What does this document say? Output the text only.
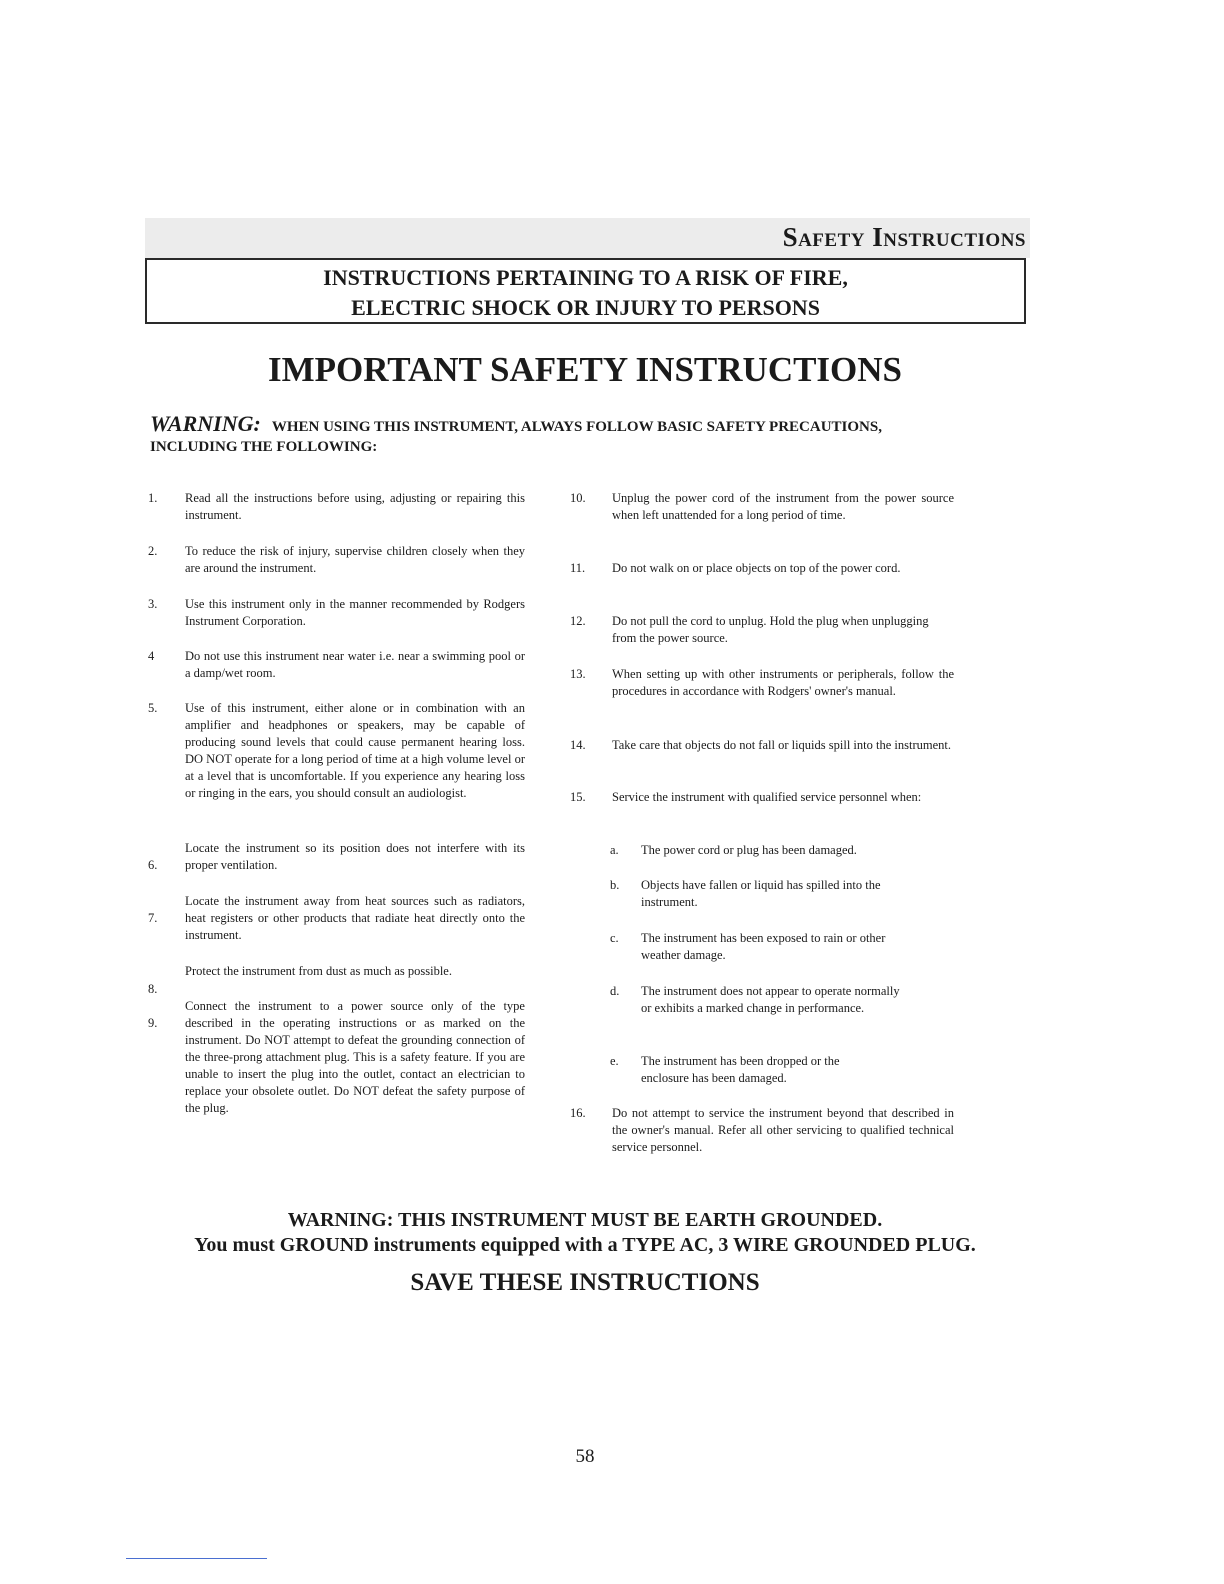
Safety Instructions
INSTRUCTIONS PERTAINING TO A RISK OF FIRE,
ELECTRIC SHOCK OR INJURY TO PERSONS
IMPORTANT SAFETY INSTRUCTIONS
WARNING: WHEN USING THIS INSTRUMENT, ALWAYS FOLLOW BASIC SAFETY PRECAUTIONS,
INCLUDING THE FOLLOWING:
1. Read all the instructions before using, adjusting or repairing this instrument.
2. To reduce the risk of injury, supervise children closely when they are around the instrument.
3. Use this instrument only in the manner recommended by Rodgers Instrument Corporation.
4 Do not use this instrument near water i.e. near a swimming pool or a damp/wet room.
5. Use of this instrument, either alone or in combination with an amplifier and headphones or speakers, may be capable of producing sound levels that could cause permanent hearing loss. DO NOT operate for a long period of time at a high volume level or at a level that is uncomfortable. If you experience any hearing loss or ringing in the ears, you should consult an audiologist.
6.
Locate the instrument so its position does not interfere with its proper ventilation.
7.
Locate the instrument away from heat sources such as radiators, heat registers or other products that radiate heat directly onto the instrument.
8.
Protect the instrument from dust as much as possible.
9.
Connect the instrument to a power source only of the type described in the operating instructions or as marked on the instrument. Do NOT attempt to defeat the grounding connection of the three-prong attachment plug. This is a safety feature. If you are unable to insert the plug into the outlet, contact an electrician to replace your obsolete outlet. Do NOT defeat the safety purpose of the plug.
10. Unplug the power cord of the instrument from the power source when left unattended for a long period of time.
11. Do not walk on or place objects on top of the power cord.
12. Do not pull the cord to unplug. Hold the plug when unplugging from the power source.
13. When setting up with other instruments or peripherals, follow the procedures in accordance with Rodgers' owner's manual.
14. Take care that objects do not fall or liquids spill into the instrument.
15. Service the instrument with qualified service personnel when:
a. The power cord or plug has been damaged.
b. Objects have fallen or liquid has spilled into the instrument.
c. The instrument has been exposed to rain or other weather damage.
d. The instrument does not appear to operate normally or exhibits a marked change in performance.
e. The instrument has been dropped or the enclosure has been damaged.
16. Do not attempt to service the instrument beyond that described in the owner's manual. Refer all other servicing to qualified technical service personnel.
WARNING: THIS INSTRUMENT MUST BE EARTH GROUNDED.
You must GROUND instruments equipped with a TYPE AC, 3 WIRE GROUNDED PLUG.
SAVE THESE INSTRUCTIONS
58
